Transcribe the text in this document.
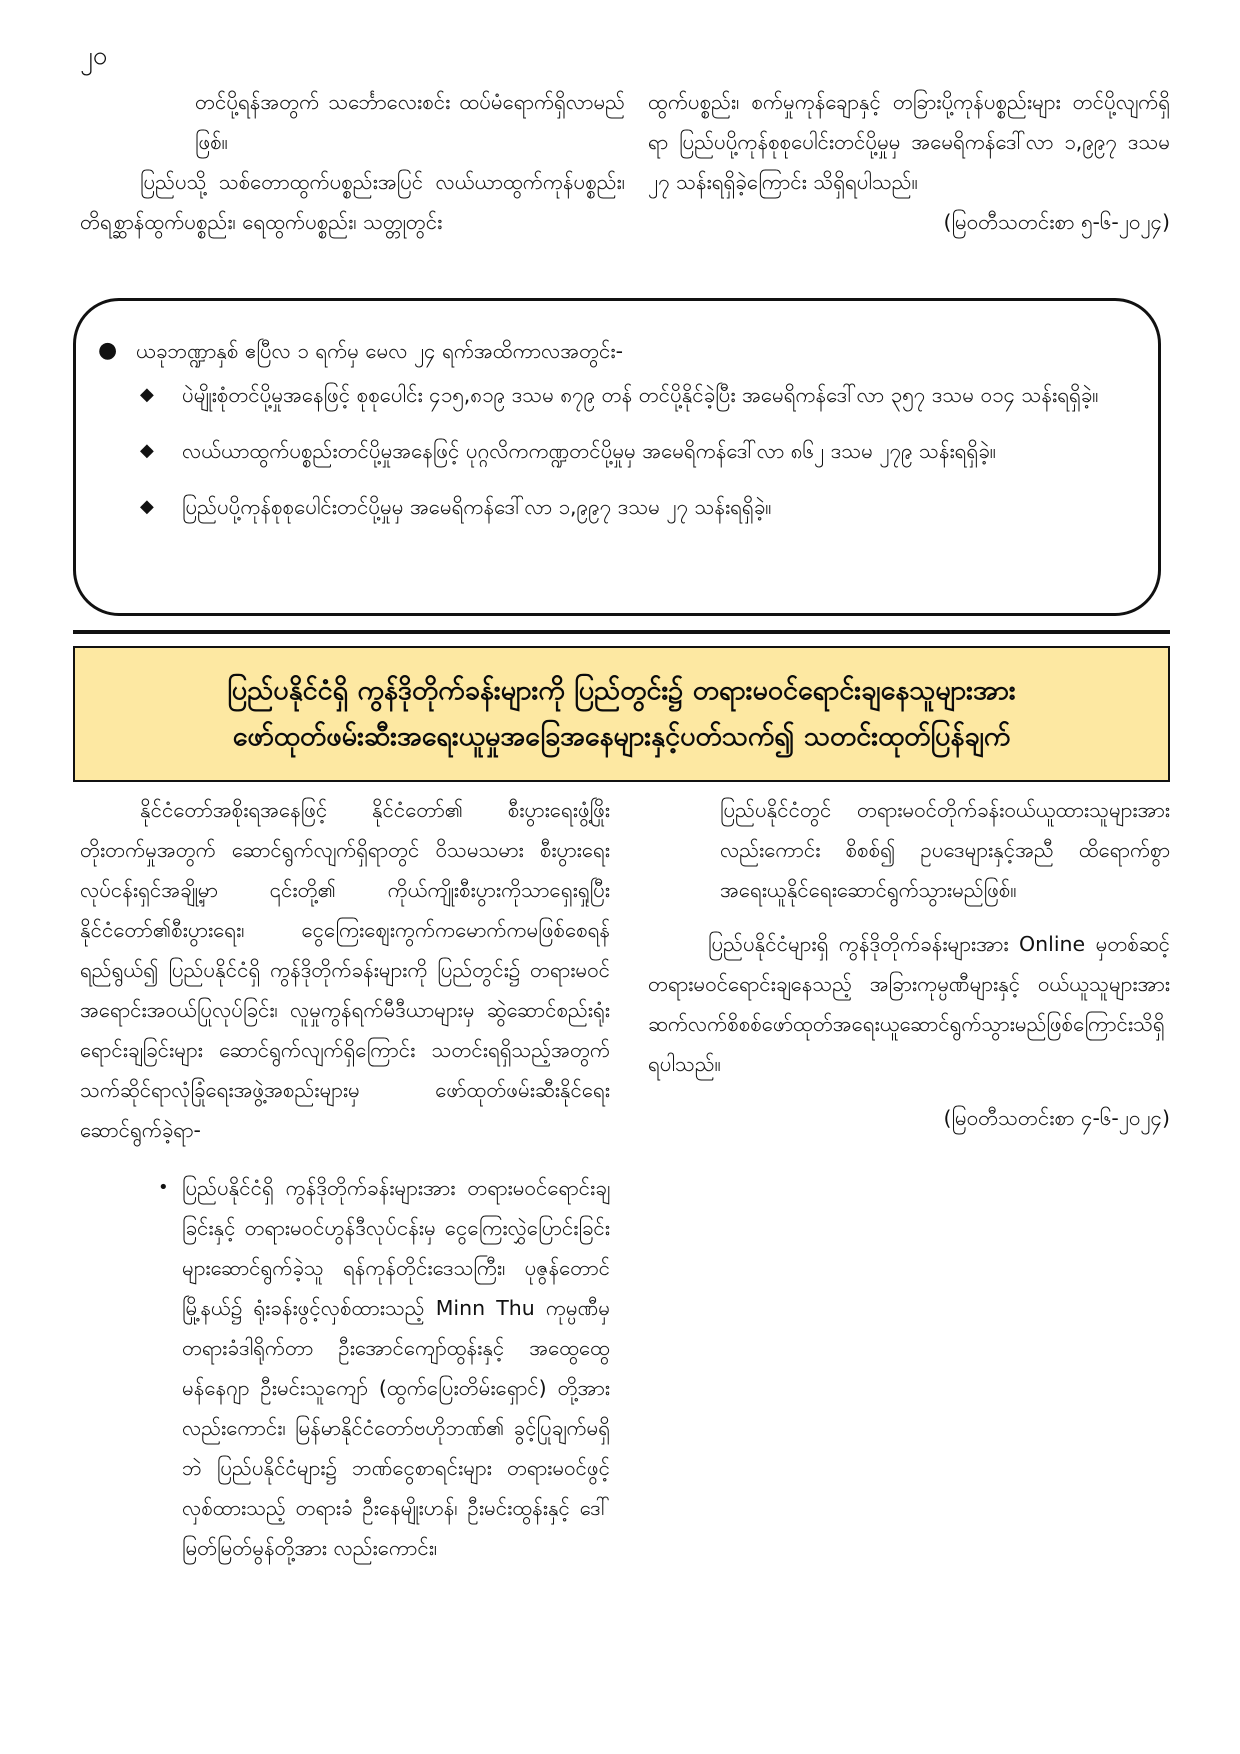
၂၀

တင်ပို့ရန်အတွက် သင်္ဘောလေးစင်း ထပ်မံရောက်ရှိလာမည်ဖြစ်။

ပြည်ပသို့ သစ်တောထွက်ပစ္စည်းအပြင် လယ်ယာထွက်ကုန်ပစ္စည်း၊ တိရစ္ဆာန်ထွက်ပစ္စည်း၊ ရေထွက်ပစ္စည်း၊ သတ္တုတွင်း

ထွက်ပစ္စည်း၊ စက်မှုကုန်ချောနှင့် တခြားပို့ကုန်ပစ္စည်းများ တင်ပို့လျက်ရှိရာ ပြည်ပပို့ကုန်စုစုပေါင်းတင်ပို့မှုမှ အမေရိကန်ဒေါ်လာ ၁,၉၉၇ ဒသမ ၂၇ သန်းရရှိခဲ့ကြောင်း သိရှိရပါသည်။

(မြဝတီသတင်းစာ ၅-၆-၂၀၂၄)
● ယခုဘဏ္ဍာနှစ် ဧပြီလ ၁ ရက်မှ မေလ ၂၄ ရက်အထိကာလအတွင်း-
◆	ပဲမျိုးစုံတင်ပို့မှုအနေဖြင့် စုစုပေါင်း ၄၁၅,၈၁၉ ဒသမ ၈၇၉ တန် တင်ပို့နိုင်ခဲ့ပြီး အမေရိကန်ဒေါ်လာ ၃၅၇ ဒသမ ၀၁၄ သန်းရရှိခဲ့။
◆	လယ်ယာထွက်ပစ္စည်းတင်ပို့မှုအနေဖြင့် ပုဂ္ဂလိကကဏ္ဍတင်ပို့မှုမှ အမေရိကန်ဒေါ်လာ ၈၆၂ ဒသမ ၂၇၉ သန်းရရှိခဲ့။
◆	ပြည်ပပို့ကုန်စုစုပေါင်းတင်ပို့မှုမှ အမေရိကန်ဒေါ်လာ ၁,၉၉၇ ဒသမ ၂၇ သန်းရရှိခဲ့။
ပြည်ပနိုင်ငံရှိ ကွန်ဒိုတိုက်ခန်းများကို ပြည်တွင်း၌ တရားမဝင်ရောင်းချနေသူများအား
ဖော်ထုတ်ဖမ်းဆီးအရေးယူမှုအခြေအနေများနှင့်ပတ်သက်၍ သတင်းထုတ်ပြန်ချက်

နိုင်ငံတော်အစိုးရအနေဖြင့် နိုင်ငံတော်၏ စီးပွားရေးဖွံ့ဖြိုးတိုးတက်မှုအတွက် ဆောင်ရွက်လျက်ရှိရာတွင် ဝိသမသမား စီးပွားရေးလုပ်ငန်းရှင်အချို့မှာ ၎င်းတို့၏ ကိုယ်ကျိုးစီးပွားကိုသာရှေးရှုပြီး နိုင်ငံတော်၏စီးပွားရေး၊ ငွေကြေးဈေးကွက်ကမောက်ကမဖြစ်စေရန်ရည်ရွယ်၍ ပြည်ပနိုင်ငံရှိ ကွန်ဒိုတိုက်ခန်းများကို ပြည်တွင်း၌ တရားမဝင်အရောင်းအဝယ်ပြုလုပ်ခြင်း၊ လူမှုကွန်ရက်မီဒီယာများမှ ဆွဲဆောင်စည်းရုံးရောင်းချခြင်းများ ဆောင်ရွက်လျက်ရှိကြောင်း သတင်းရရှိသည့်အတွက် သက်ဆိုင်ရာလုံခြုံရေးအဖွဲ့အစည်းများမှ ဖော်ထုတ်ဖမ်းဆီးနိုင်ရေးဆောင်ရွက်ခဲ့ရာ-

• ပြည်ပနိုင်ငံရှိ ကွန်ဒိုတိုက်ခန်းများအား တရားမဝင်ရောင်းချခြင်းနှင့် တရားမဝင်ဟွန်ဒီလုပ်ငန်းမှ ငွေကြေးလွှဲပြောင်းခြင်းများဆောင်ရွက်ခဲ့သူ ရန်ကုန်တိုင်းဒေသကြီး၊ ပုဇွန်တောင်မြို့နယ်၌ ရုံးခန်းဖွင့်လှစ်ထားသည့် Minn Thu ကုမ္ပဏီမှ တရားခံဒါရိုက်တာ ဦးအောင်ကျော်ထွန်းနှင့် အထွေထွေမန်နေဂျာ ဦးမင်းသူကျော် (ထွက်ပြေးတိမ်းရှောင်) တို့အားလည်းကောင်း၊ မြန်မာနိုင်ငံတော်ဗဟိုဘဏ်၏ ခွင့်ပြုချက်မရှိဘဲ ပြည်ပနိုင်ငံများ၌ ဘဏ်ငွေစာရင်းများ တရားမဝင်ဖွင့်လှစ်ထားသည့် တရားခံ ဦးနေမျိုးဟန်၊ ဦးမင်းထွန်းနှင့် ဒေါ်မြတ်မြတ်မွန်တို့အား လည်းကောင်း၊

ပြည်ပနိုင်ငံတွင် တရားမဝင်တိုက်ခန်းဝယ်ယူထားသူများအားလည်းကောင်း စိစစ်၍ ဥပဒေများနှင့်အညီ ထိရောက်စွာ အရေးယူနိုင်ရေးဆောင်ရွက်သွားမည်ဖြစ်။

ပြည်ပနိုင်ငံများရှိ ကွန်ဒိုတိုက်ခန်းများအား Online မှတစ်ဆင့် တရားမဝင်ရောင်းချနေသည့် အခြားကုမ္ပဏီများနှင့် ဝယ်ယူသူများအား ဆက်လက်စိစစ်ဖော်ထုတ်အရေးယူဆောင်ရွက်သွားမည်ဖြစ်ကြောင်းသိရှိရပါသည်။

(မြဝတီသတင်းစာ ၄-၆-၂၀၂၄)
